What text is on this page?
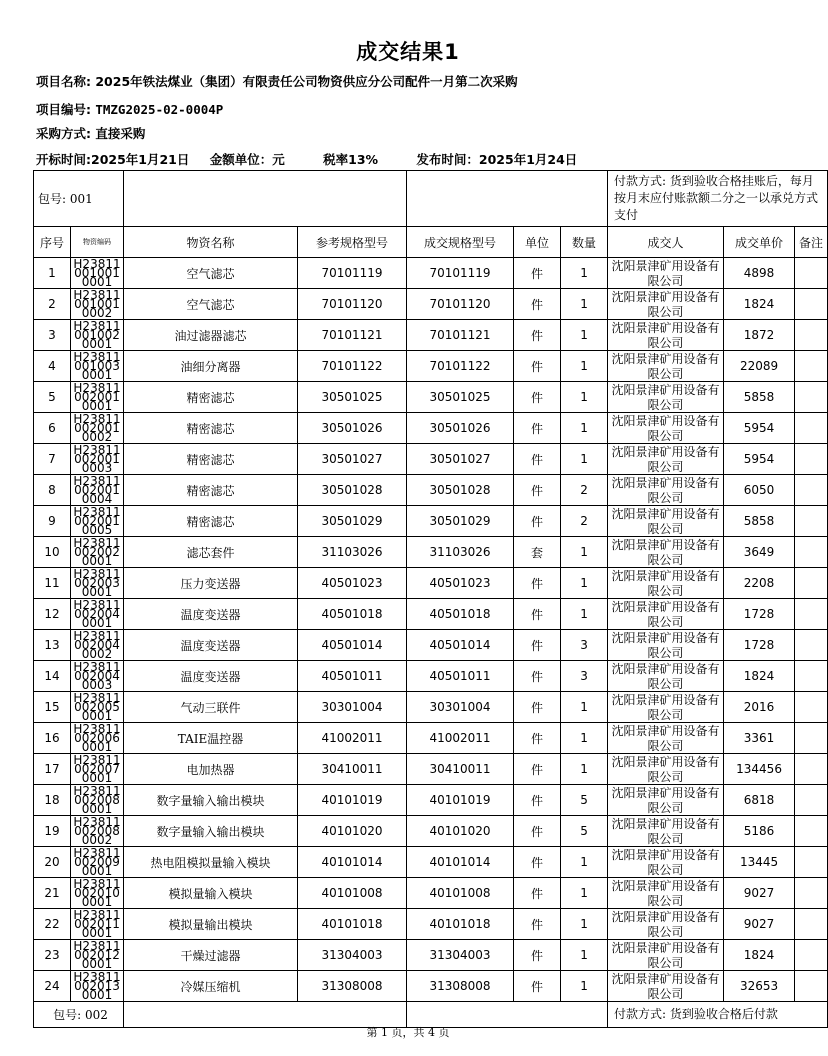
成交结果1
项目名称: 2025年铁法煤业（集团）有限责任公司物资供应分公司配件一月第二次采购
项目编号: TMZG2025-02-0004P
采购方式: 直接采购
开标时间:2025年1月21日 金额单位：元	税率13%	发布时间：2025年1月24日
包号: 001							付款方式: 货到验收合格挂账后，每月按月末应付账款额二分之一以承兑方式支付		
序号	物资编码	物资名称	参考规格型号	成交规格型号	单位	数量	成交人	成交单价	备注
1	H238110010010001	空气滤芯	70101119	70101119	件	1	沈阳景津矿用设备有限公司	4898	
2	H238110010010002	空气滤芯	70101120	70101120	件	1	沈阳景津矿用设备有限公司	1824	
3	H238110010020001	油过滤器滤芯	70101121	70101121	件	1	沈阳景津矿用设备有限公司	1872	
4	H238110010030001	油细分离器	70101122	70101122	件	1	沈阳景津矿用设备有限公司	22089	
5	H238110020010001	精密滤芯	30501025	30501025	件	1	沈阳景津矿用设备有限公司	5858	
6	H238110020010002	精密滤芯	30501026	30501026	件	1	沈阳景津矿用设备有限公司	5954	
7	H238110020010003	精密滤芯	30501027	30501027	件	1	沈阳景津矿用设备有限公司	5954	
8	H238110020010004	精密滤芯	30501028	30501028	件	2	沈阳景津矿用设备有限公司	6050	
9	H238110020010005	精密滤芯	30501029	30501029	件	2	沈阳景津矿用设备有限公司	5858	
10	H238110020020001	滤芯套件	31103026	31103026	套	1	沈阳景津矿用设备有限公司	3649	
11	H238110020030001	压力变送器	40501023	40501023	件	1	沈阳景津矿用设备有限公司	2208	
12	H238110020040001	温度变送器	40501018	40501018	件	1	沈阳景津矿用设备有限公司	1728	
13	H238110020040002	温度变送器	40501014	40501014	件	3	沈阳景津矿用设备有限公司	1728	
14	H238110020040003	温度变送器	40501011	40501011	件	3	沈阳景津矿用设备有限公司	1824	
15	H238110020050001	气动三联件	30301004	30301004	件	1	沈阳景津矿用设备有限公司	2016	
16	H238110020060001	TAIE温控器	41002011	41002011	件	1	沈阳景津矿用设备有限公司	3361	
17	H238110020070001	电加热器	30410011	30410011	件	1	沈阳景津矿用设备有限公司	134456	
18	H238110020080001	数字量输入输出模块	40101019	40101019	件	5	沈阳景津矿用设备有限公司	6818	
19	H238110020080002	数字量输入输出模块	40101020	40101020	件	5	沈阳景津矿用设备有限公司	5186	
20	H238110020090001	热电阻模拟量输入模块	40101014	40101014	件	1	沈阳景津矿用设备有限公司	13445	
21	H238110020100001	模拟量输入模块	40101008	40101008	件	1	沈阳景津矿用设备有限公司	9027	
22	H238110020110001	模拟量输出模块	40101018	40101018	件	1	沈阳景津矿用设备有限公司	9027	
23	H238110020120001	干燥过滤器	31304003	31304003	件	1	沈阳景津矿用设备有限公司	1824	
24	H238110020130001	冷媒压缩机	31308008	31308008	件	1	沈阳景津矿用设备有限公司	32653	
包号: 002							付款方式: 货到验收合格后付款		
第 1 页，共 4 页
